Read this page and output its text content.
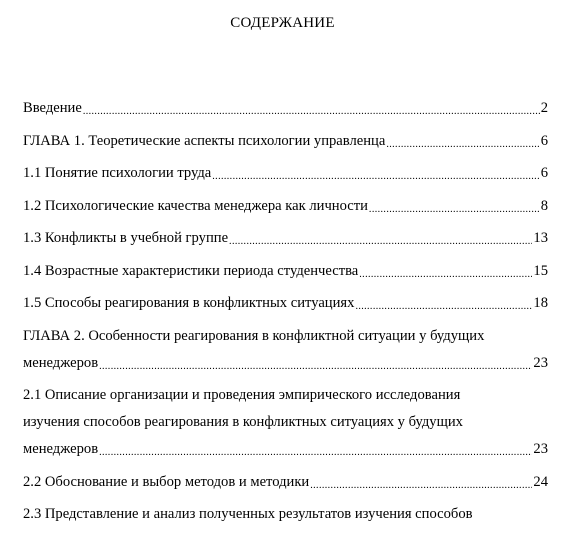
СОДЕРЖАНИЕ
Введение .....	2
ГЛАВА 1. Теоретические аспекты психологии управленца .....	6
1.1 Понятие психологии труда .....	6
1.2 Психологические качества менеджера как личности .....	8
1.3 Конфликты в учебной группе .....	13
1.4 Возрастные характеристики периода студенчества .....	15
1.5 Способы реагирования в конфликтных ситуациях .....	18
ГЛАВА 2. Особенности реагирования в конфликтной ситуации у будущих
менеджеров .....	23
2.1 Описание организации и проведения эмпирического исследования
изучения способов реагирования в конфликтных ситуациях у будущих
менеджеров .....	23
2.2 Обоснование и выбор методов и методики .....	24
2.3 Представление и анализ полученных результатов изучения способов
